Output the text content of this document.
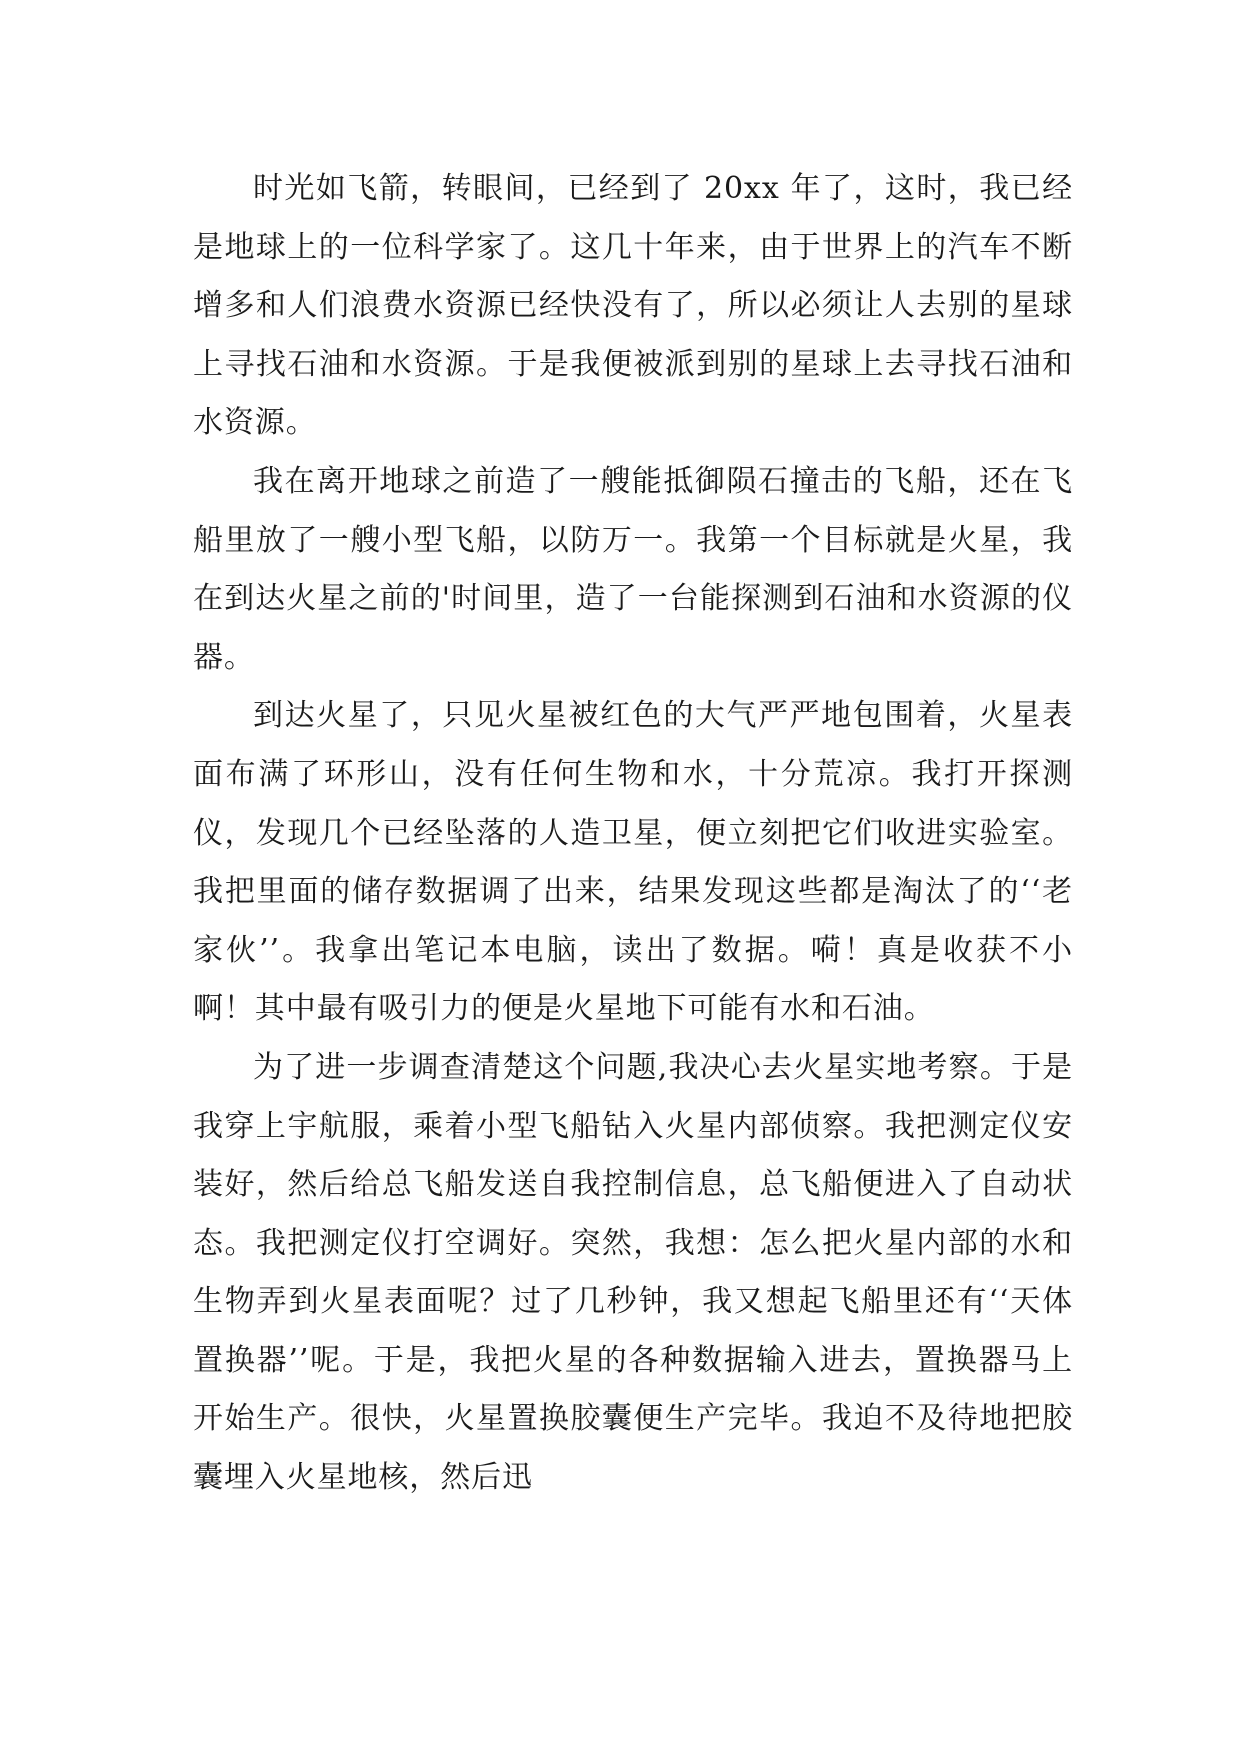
时光如飞箭，转眼间，已经到了 20xx 年了，这时，我已经是地球上的一位科学家了。这几十年来，由于世界上的汽车不断增多和人们浪费水资源已经快没有了，所以必须让人去别的星球上寻找石油和水资源。于是我便被派到别的星球上去寻找石油和水资源。

我在离开地球之前造了一艘能抵御陨石撞击的飞船，还在飞船里放了一艘小型飞船，以防万一。我第一个目标就是火星，我在到达火星之前的'时间里，造了一台能探测到石油和水资源的仪器。

到达火星了，只见火星被红色的大气严严地包围着，火星表面布满了环形山，没有任何生物和水，十分荒凉。我打开探测仪，发现几个已经坠落的人造卫星，便立刻把它们收进实验室。我把里面的储存数据调了出来，结果发现这些都是淘汰了的‘‘老家伙’’。我拿出笔记本电脑，读出了数据。嗬！真是收获不小啊！其中最有吸引力的便是火星地下可能有水和石油。

为了进一步调查清楚这个问题,我决心去火星实地考察。于是我穿上宇航服，乘着小型飞船钻入火星内部侦察。我把测定仪安装好，然后给总飞船发送自我控制信息，总飞船便进入了自动状态。我把测定仪打空调好。突然，我想：怎么把火星内部的水和生物弄到火星表面呢？过了几秒钟，我又想起飞船里还有‘‘天体置换器’’呢。于是，我把火星的各种数据输入进去，置换器马上开始生产。很快，火星置换胶囊便生产完毕。我迫不及待地把胶囊埋入火星地核，然后迅
